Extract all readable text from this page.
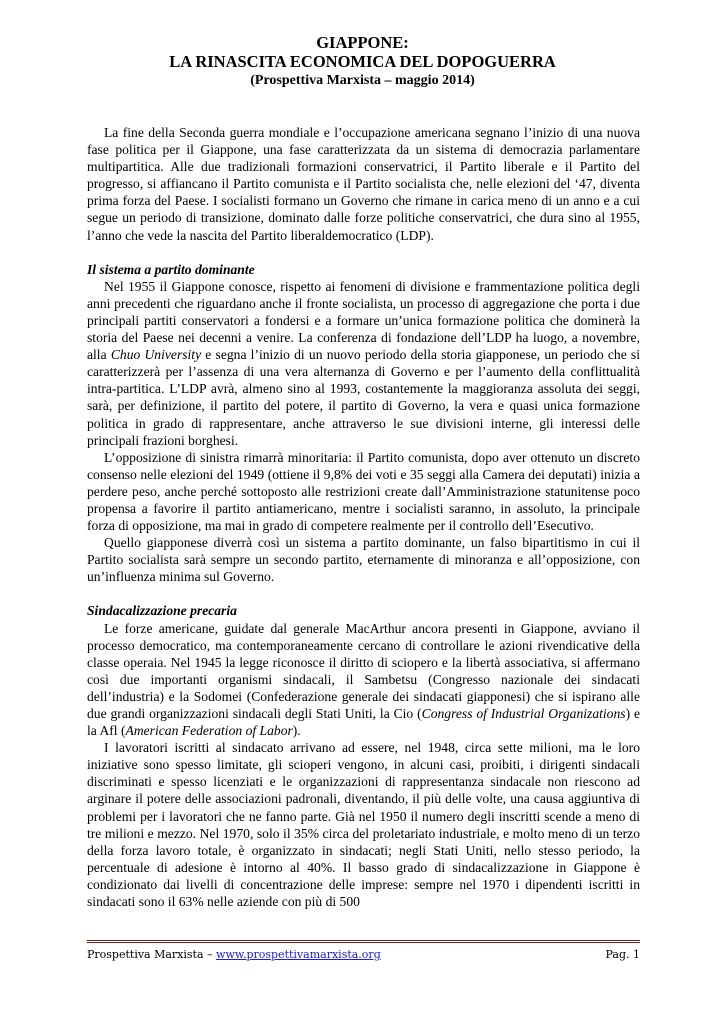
GIAPPONE:
LA RINASCITA ECONOMICA DEL DOPOGUERRA
(Prospettiva Marxista – maggio 2014)

La fine della Seconda guerra mondiale e l’occupazione americana segnano l’inizio di una nuova fase politica per il Giappone, una fase caratterizzata da un sistema di democrazia parlamentare multipartitica. Alle due tradizionali formazioni conservatrici, il Partito liberale e il Partito del progresso, si affiancano il Partito comunista e il Partito socialista che, nelle elezioni del ‘47, diventa prima forza del Paese. I socialisti formano un Governo che rimane in carica meno di un anno e a cui segue un periodo di transizione, dominato dalle forze politiche conservatrici, che dura sino al 1955, l’anno che vede la nascita del Partito liberaldemocratico (LDP).

Il sistema a partito dominante

Nel 1955 il Giappone conosce, rispetto ai fenomeni di divisione e frammentazione politica degli anni precedenti che riguardano anche il fronte socialista, un processo di aggregazione che porta i due principali partiti conservatori a fondersi e a formare un’unica formazione politica che dominerà la storia del Paese nei decenni a venire. La conferenza di fondazione dell’LDP ha luogo, a novembre, alla Chuo University e segna l’inizio di un nuovo periodo della storia giapponese, un periodo che si caratterizzerà per l’assenza di una vera alternanza di Governo e per l’aumento della conflittualità intra-partitica. L’LDP avrà, almeno sino al 1993, costantemente la maggioranza assoluta dei seggi, sarà, per definizione, il partito del potere, il partito di Governo, la vera e quasi unica formazione politica in grado di rappresentare, anche attraverso le sue divisioni interne, gli interessi delle principali frazioni borghesi.

L’opposizione di sinistra rimarrà minoritaria: il Partito comunista, dopo aver ottenuto un discreto consenso nelle elezioni del 1949 (ottiene il 9,8% dei voti e 35 seggi alla Camera dei deputati) inizia a perdere peso, anche perché sottoposto alle restrizioni create dall’Amministrazione statunitense poco propensa a favorire il partito antiamericano, mentre i socialisti saranno, in assoluto, la principale forza di opposizione, ma mai in grado di competere realmente per il controllo dell’Esecutivo.

Quello giapponese diverrà così un sistema a partito dominante, un falso bipartitismo in cui il Partito socialista sarà sempre un secondo partito, eternamente di minoranza e all’opposizione, con un’influenza minima sul Governo.

Sindacalizzazione precaria

Le forze americane, guidate dal generale MacArthur ancora presenti in Giappone, avviano il processo democratico, ma contemporaneamente cercano di controllare le azioni rivendicative della classe operaia. Nel 1945 la legge riconosce il diritto di sciopero e la libertà associativa, si affermano così due importanti organismi sindacali, il Sambetsu (Congresso nazionale dei sindacati dell’industria) e la Sodomei (Confederazione generale dei sindacati giapponesi) che si ispirano alle due grandi organizzazioni sindacali degli Stati Uniti, la Cio (Congress of Industrial Organizations) e la Afl (American Federation of Labor).

I lavoratori iscritti al sindacato arrivano ad essere, nel 1948, circa sette milioni, ma le loro iniziative sono spesso limitate, gli scioperi vengono, in alcuni casi, proibiti, i dirigenti sindacali discriminati e spesso licenziati e le organizzazioni di rappresentanza sindacale non riescono ad arginare il potere delle associazioni padronali, diventando, il più delle volte, una causa aggiuntiva di problemi per i lavoratori che ne fanno parte. Già nel 1950 il numero degli inscritti scende a meno di tre milioni e mezzo. Nel 1970, solo il 35% circa del proletariato industriale, e molto meno di un terzo della forza lavoro totale, è organizzato in sindacati; negli Stati Uniti, nello stesso periodo, la percentuale di adesione è intorno al 40%. Il basso grado di sindacalizzazione in Giappone è condizionato dai livelli di concentrazione delle imprese: sempre nel 1970 i dipendenti iscritti in sindacati sono il 63% nelle aziende con più di 500

Prospettiva Marxista – www.prospettivamarxista.org	Pag. 1
